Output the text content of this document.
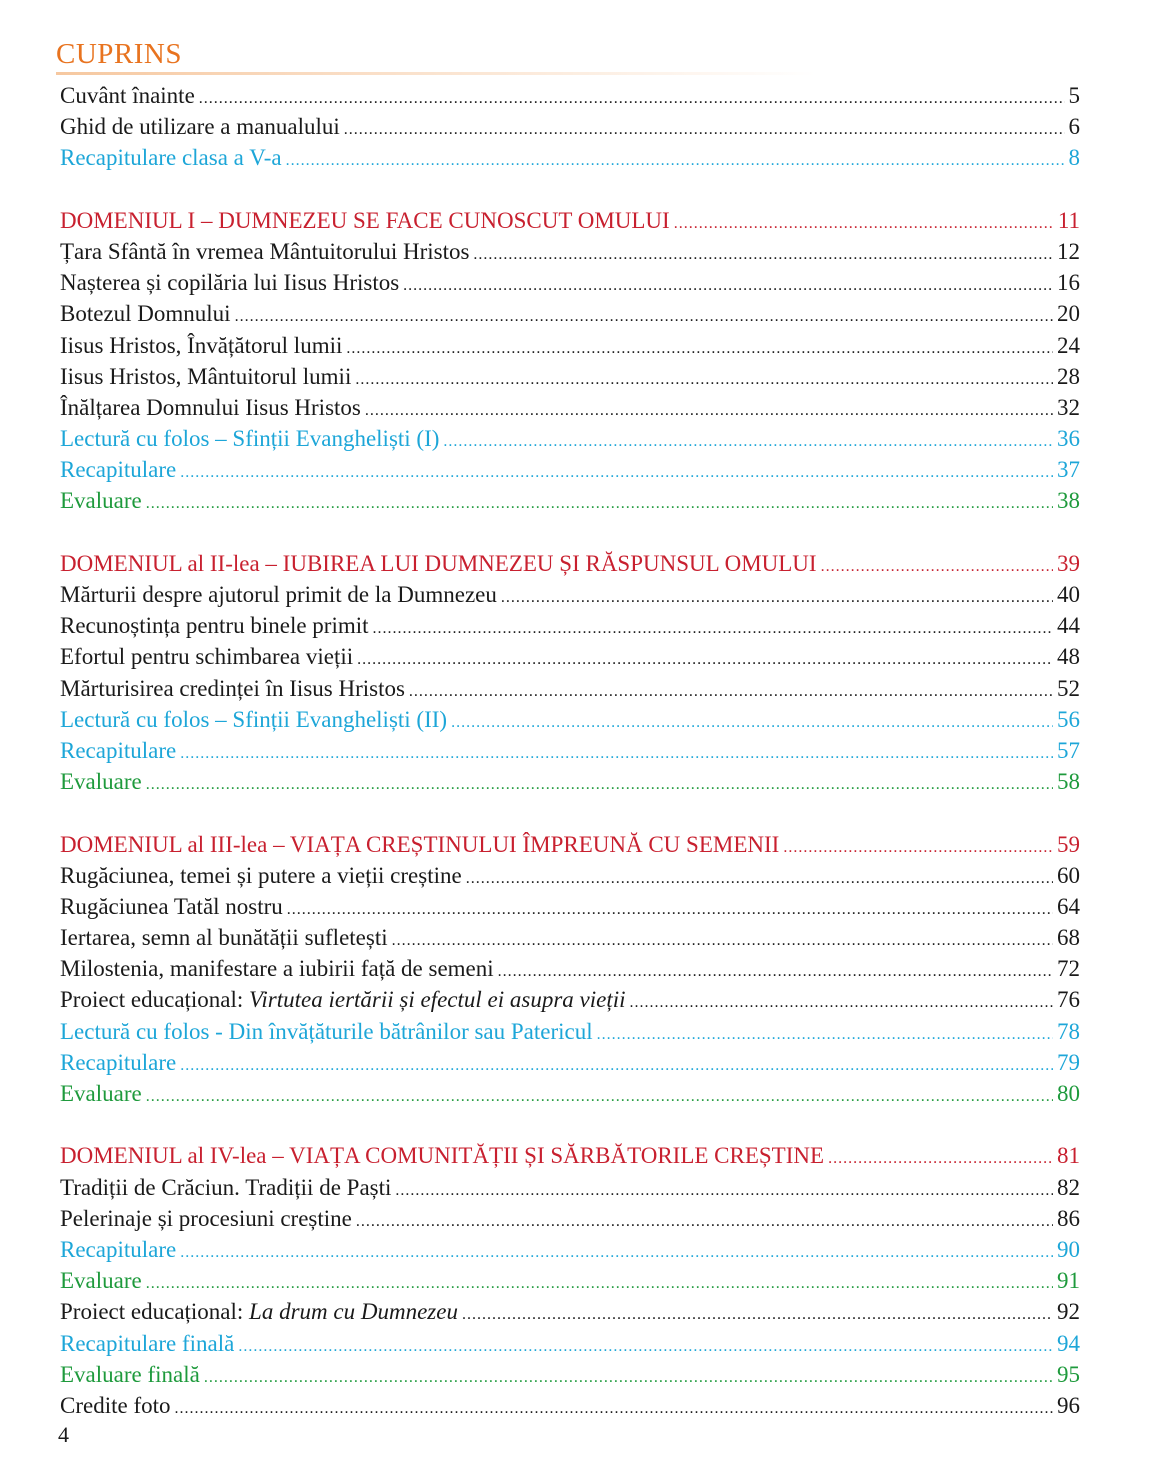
CUPRINS
Cuvânt înainte .....	5
Ghid de utilizare a manualului .....	6
Recapitulare clasa a V-a .....	8
DOMENIUL I – DUMNEZEU SE FACE CUNOSCUT OMULUI .....	11
Țara Sfântă în vremea Mântuitorului Hristos .....	12
Nașterea și copilăria lui Iisus Hristos .....	16
Botezul Domnului .....	20
Iisus Hristos, Învățătorul lumii .....	24
Iisus Hristos, Mântuitorul lumii .....	28
Înălțarea Domnului Iisus Hristos .....	32
Lectură cu folos – Sfinții Evangheliști (I) .....	36
Recapitulare .....	37
Evaluare .....	38
DOMENIUL al II-lea – IUBIREA LUI DUMNEZEU ȘI RĂSPUNSUL OMULUI .....	39
Mărturii despre ajutorul primit de la Dumnezeu .....	40
Recunoștința pentru binele primit .....	44
Efortul pentru schimbarea vieții .....	48
Mărturisirea credinței în Iisus Hristos .....	52
Lectură cu folos – Sfinții Evangheliști (II) .....	56
Recapitulare .....	57
Evaluare .....	58
DOMENIUL al III-lea – VIAȚA CREȘTINULUI ÎMPREUNĂ CU SEMENII .....	59
Rugăciunea, temei și putere a vieții creștine .....	60
Rugăciunea Tatăl nostru .....	64
Iertarea, semn al bunătății sufletești .....	68
Milostenia, manifestare a iubirii față de semeni .....	72
Proiect educațional: Virtutea iertării și efectul ei asupra vieții .....	76
Lectură cu folos - Din învățăturile bătrânilor sau Patericul .....	78
Recapitulare .....	79
Evaluare .....	80
DOMENIUL al IV-lea – VIAȚA COMUNITĂȚII ȘI SĂRBĂTORILE CREȘTINE .....	81
Tradiții de Crăciun. Tradiții de Paști .....	82
Pelerinaje și procesiuni creștine .....	86
Recapitulare .....	90
Evaluare .....	91
Proiect educațional: La drum cu Dumnezeu .....	92
Recapitulare finală .....	94
Evaluare finală .....	95
Credite foto .....	96
4
